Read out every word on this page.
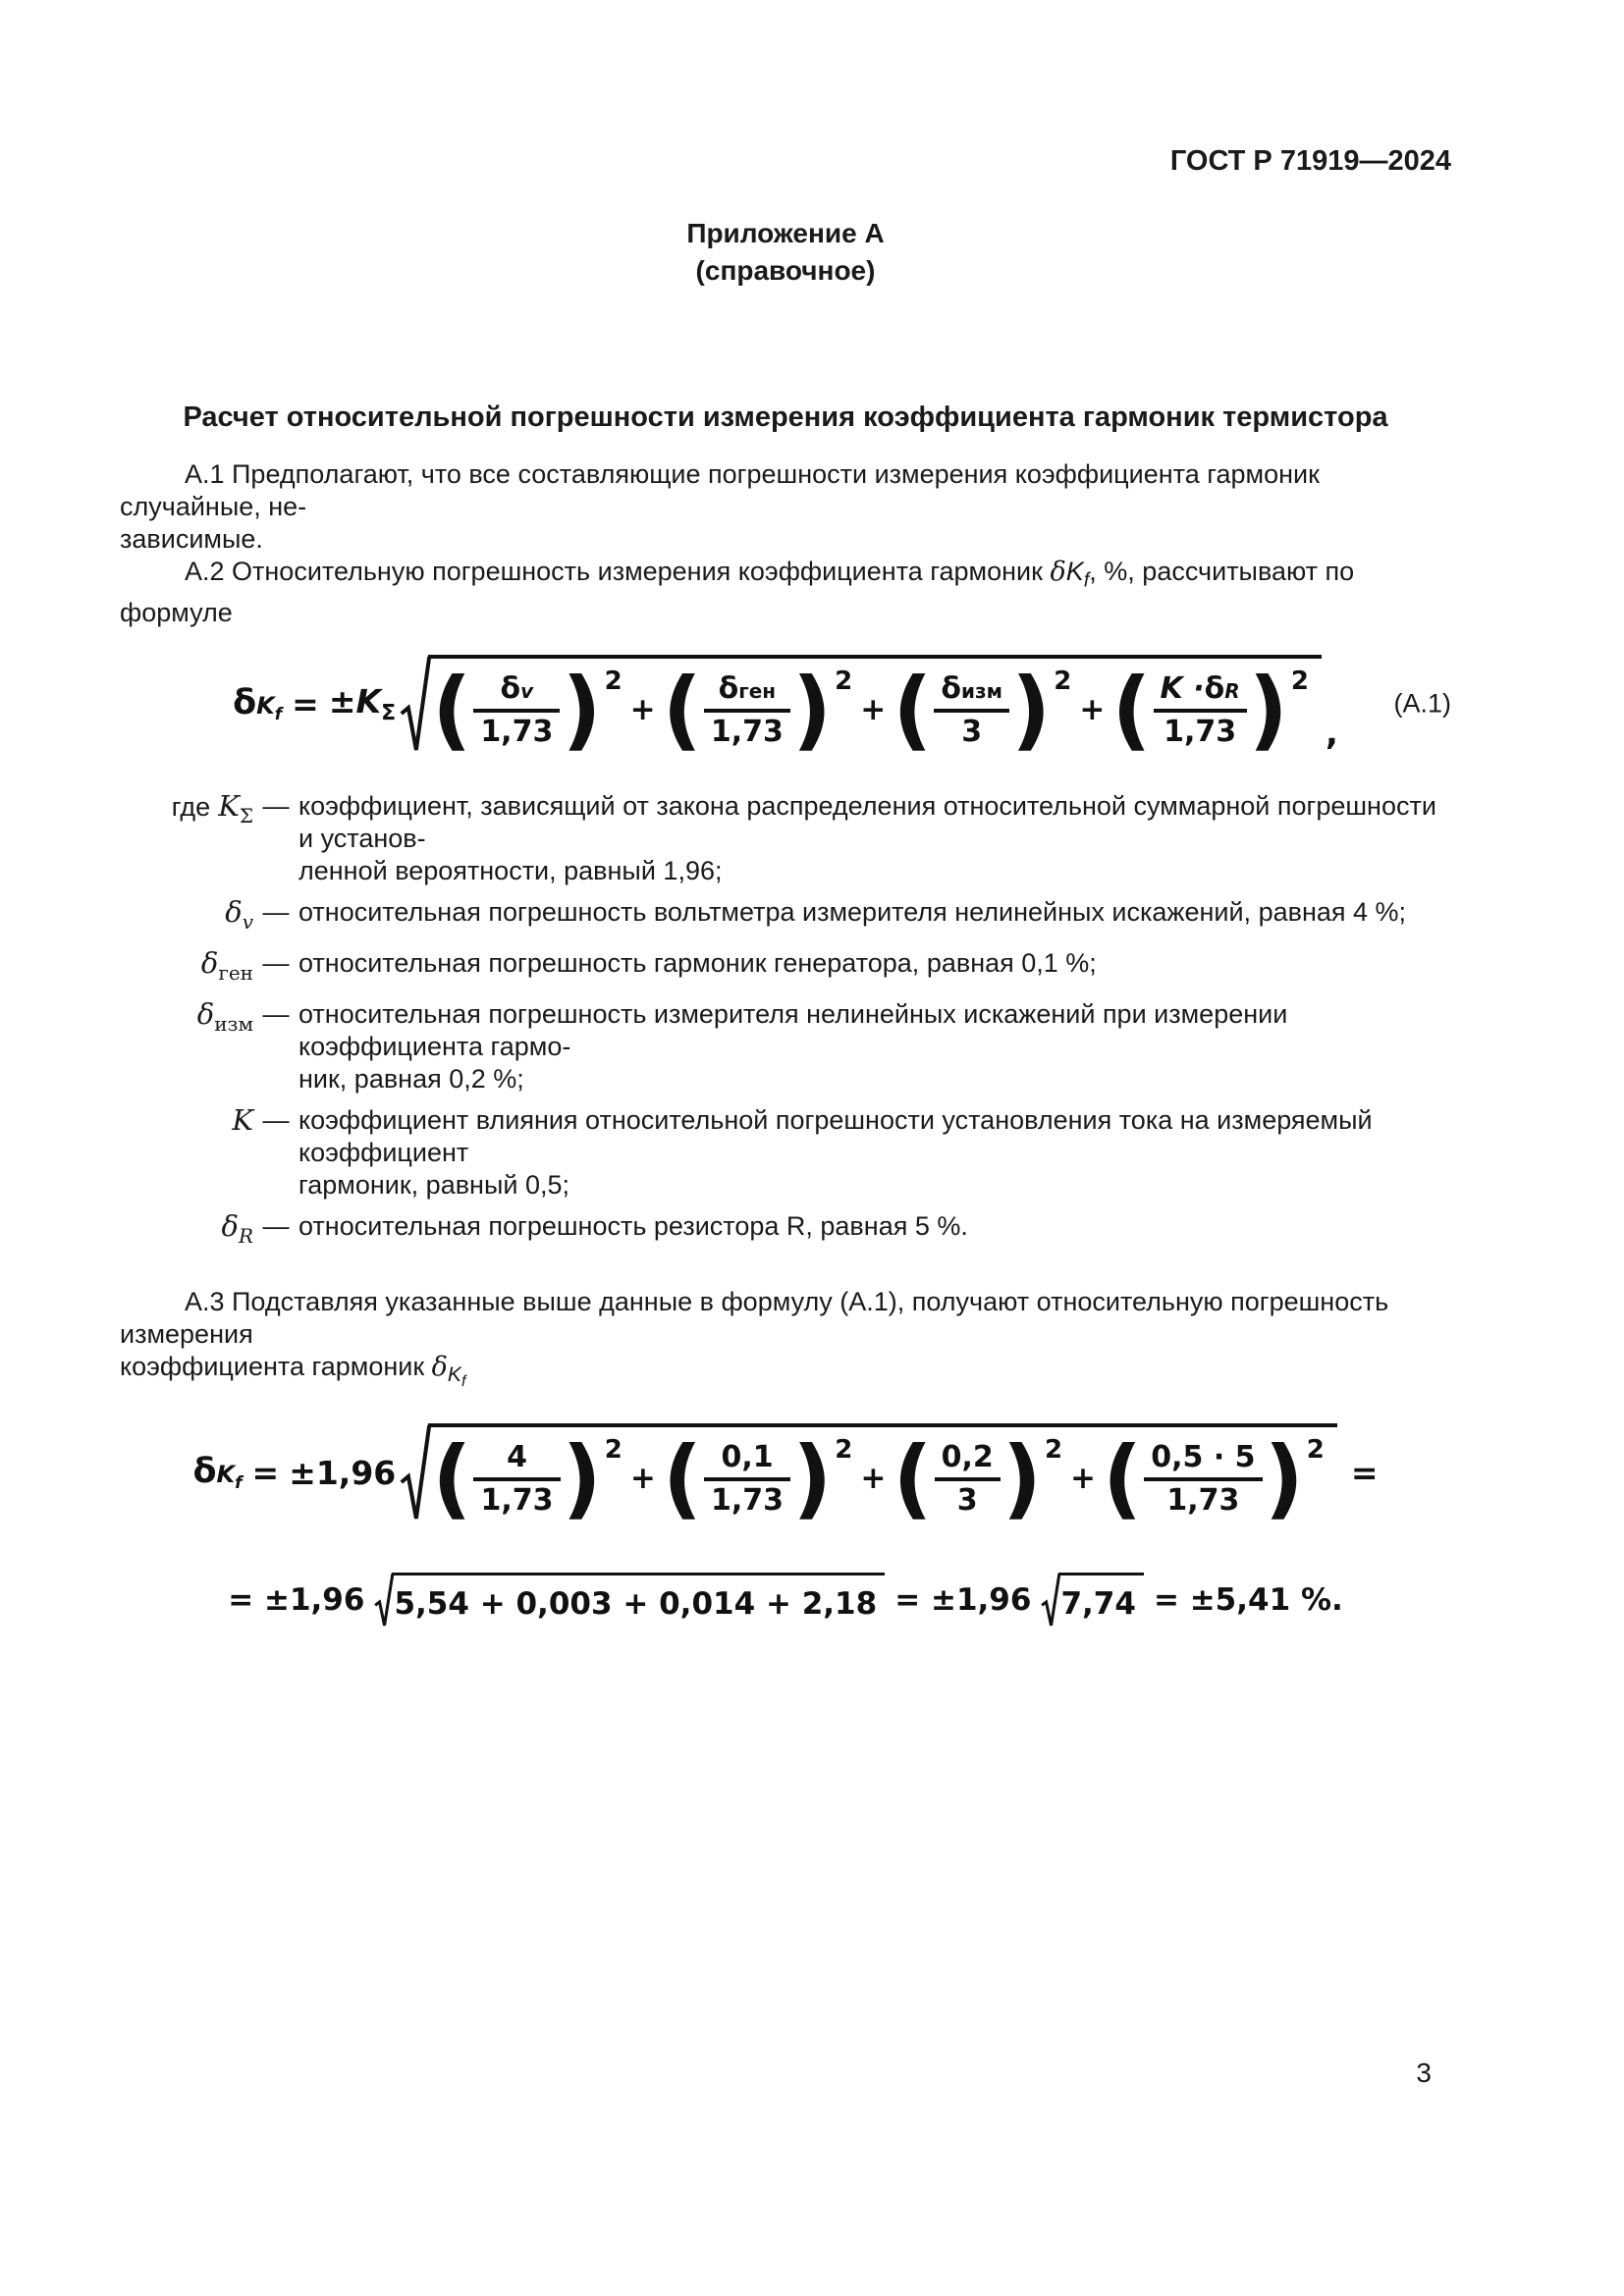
ГОСТ Р 71919—2024
Приложение А
(справочное)
Расчет относительной погрешности измерения коэффициента гармоник термистора
А.1 Предполагают, что все составляющие погрешности измерения коэффициента гармоник случайные, не-
зависимые.
А.2 Относительную погрешность измерения коэффициента гармоник $\delta K_f$, %, рассчитывают по формуле
δ $K_f = \pm K_\Sigma$ ( $\frac{\text{δ v}}{1,73} )^2$
+ ( $\frac{\text{δ ген}}{1,73} )^2$
+ ( $\frac{\text{δ изм}}{3} )^2$
+ ( $\frac{\text{K · δ R}}{1,73} )^2$
,
(А.1)
где $K_\Sigma$ — коэффициент, зависящий от закона распределения относительной суммарной погрешности и установ-
ленной вероятности, равный 1,96;
$\delta_v$ — относительная погрешность вольтметра измерителя нелинейных искажений, равная 4 %;
$\delta_{ген}$ — относительная погрешность гармоник генератора, равная 0,1 %;
$\delta_{изм}$ — относительная погрешность измерителя нелинейных искажений при измерении коэффициента гармо-
ник, равная 0,2 %;
K — коэффициент влияния относительной погрешности установления тока на измеряемый коэффициент
гармоник, равный 0,5;
$\delta_R$ — относительная погрешность резистора R, равная 5 %.
А.3 Подставляя указанные выше данные в формулу (А.1), получают относительную погрешность измерения
коэффициента гармоник $\delta_{K_f}$
δ $K_f = \pm 1,96$ ( $\frac{4}{1,73} )^2$
+ ( $\frac{0,1}{1,73} )^2$
+ ( $\frac{0,2}{3} )^2$
+ ( $\frac{0,5 \cdot 5}{1,73} )^2$
=
= ±1,96 5,54 + 0,003 + 0,014 + 2,18 = ±1,96 7,74 = ±5,41 %.
3
